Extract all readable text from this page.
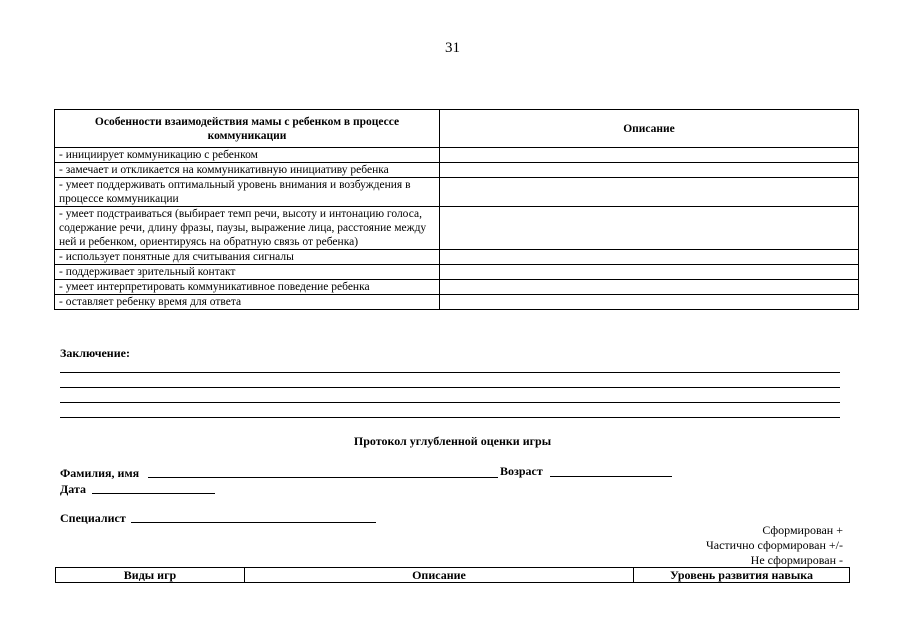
31
Особенности взаимодействия мамы с ребенком в процессе коммуникации	Описание
- инициирует коммуникацию с ребенком	
- замечает и откликается на коммуникативную инициативу ребенка	
- умеет поддерживать оптимальный уровень внимания и возбуждения в процессе коммуникации	
- умеет подстраиваться (выбирает темп речи, высоту и интонацию голоса, содержание речи, длину фразы, паузы, выражение лица, расстояние между ней и ребенком, ориентируясь на обратную связь от ребенка)	
- использует понятные для считывания сигналы	
- поддерживает зрительный контакт	
- умеет интерпретировать коммуникативное поведение ребенка	
- оставляет ребенку время для ответа	
Заключение:
Протокол углубленной оценки игры
Фамилия, имя	Возраст
Дата
Специалист
Сформирован +
Частично сформирован +/-
Не сформирован -
Виды игр	Описание	Уровень развития навыка
